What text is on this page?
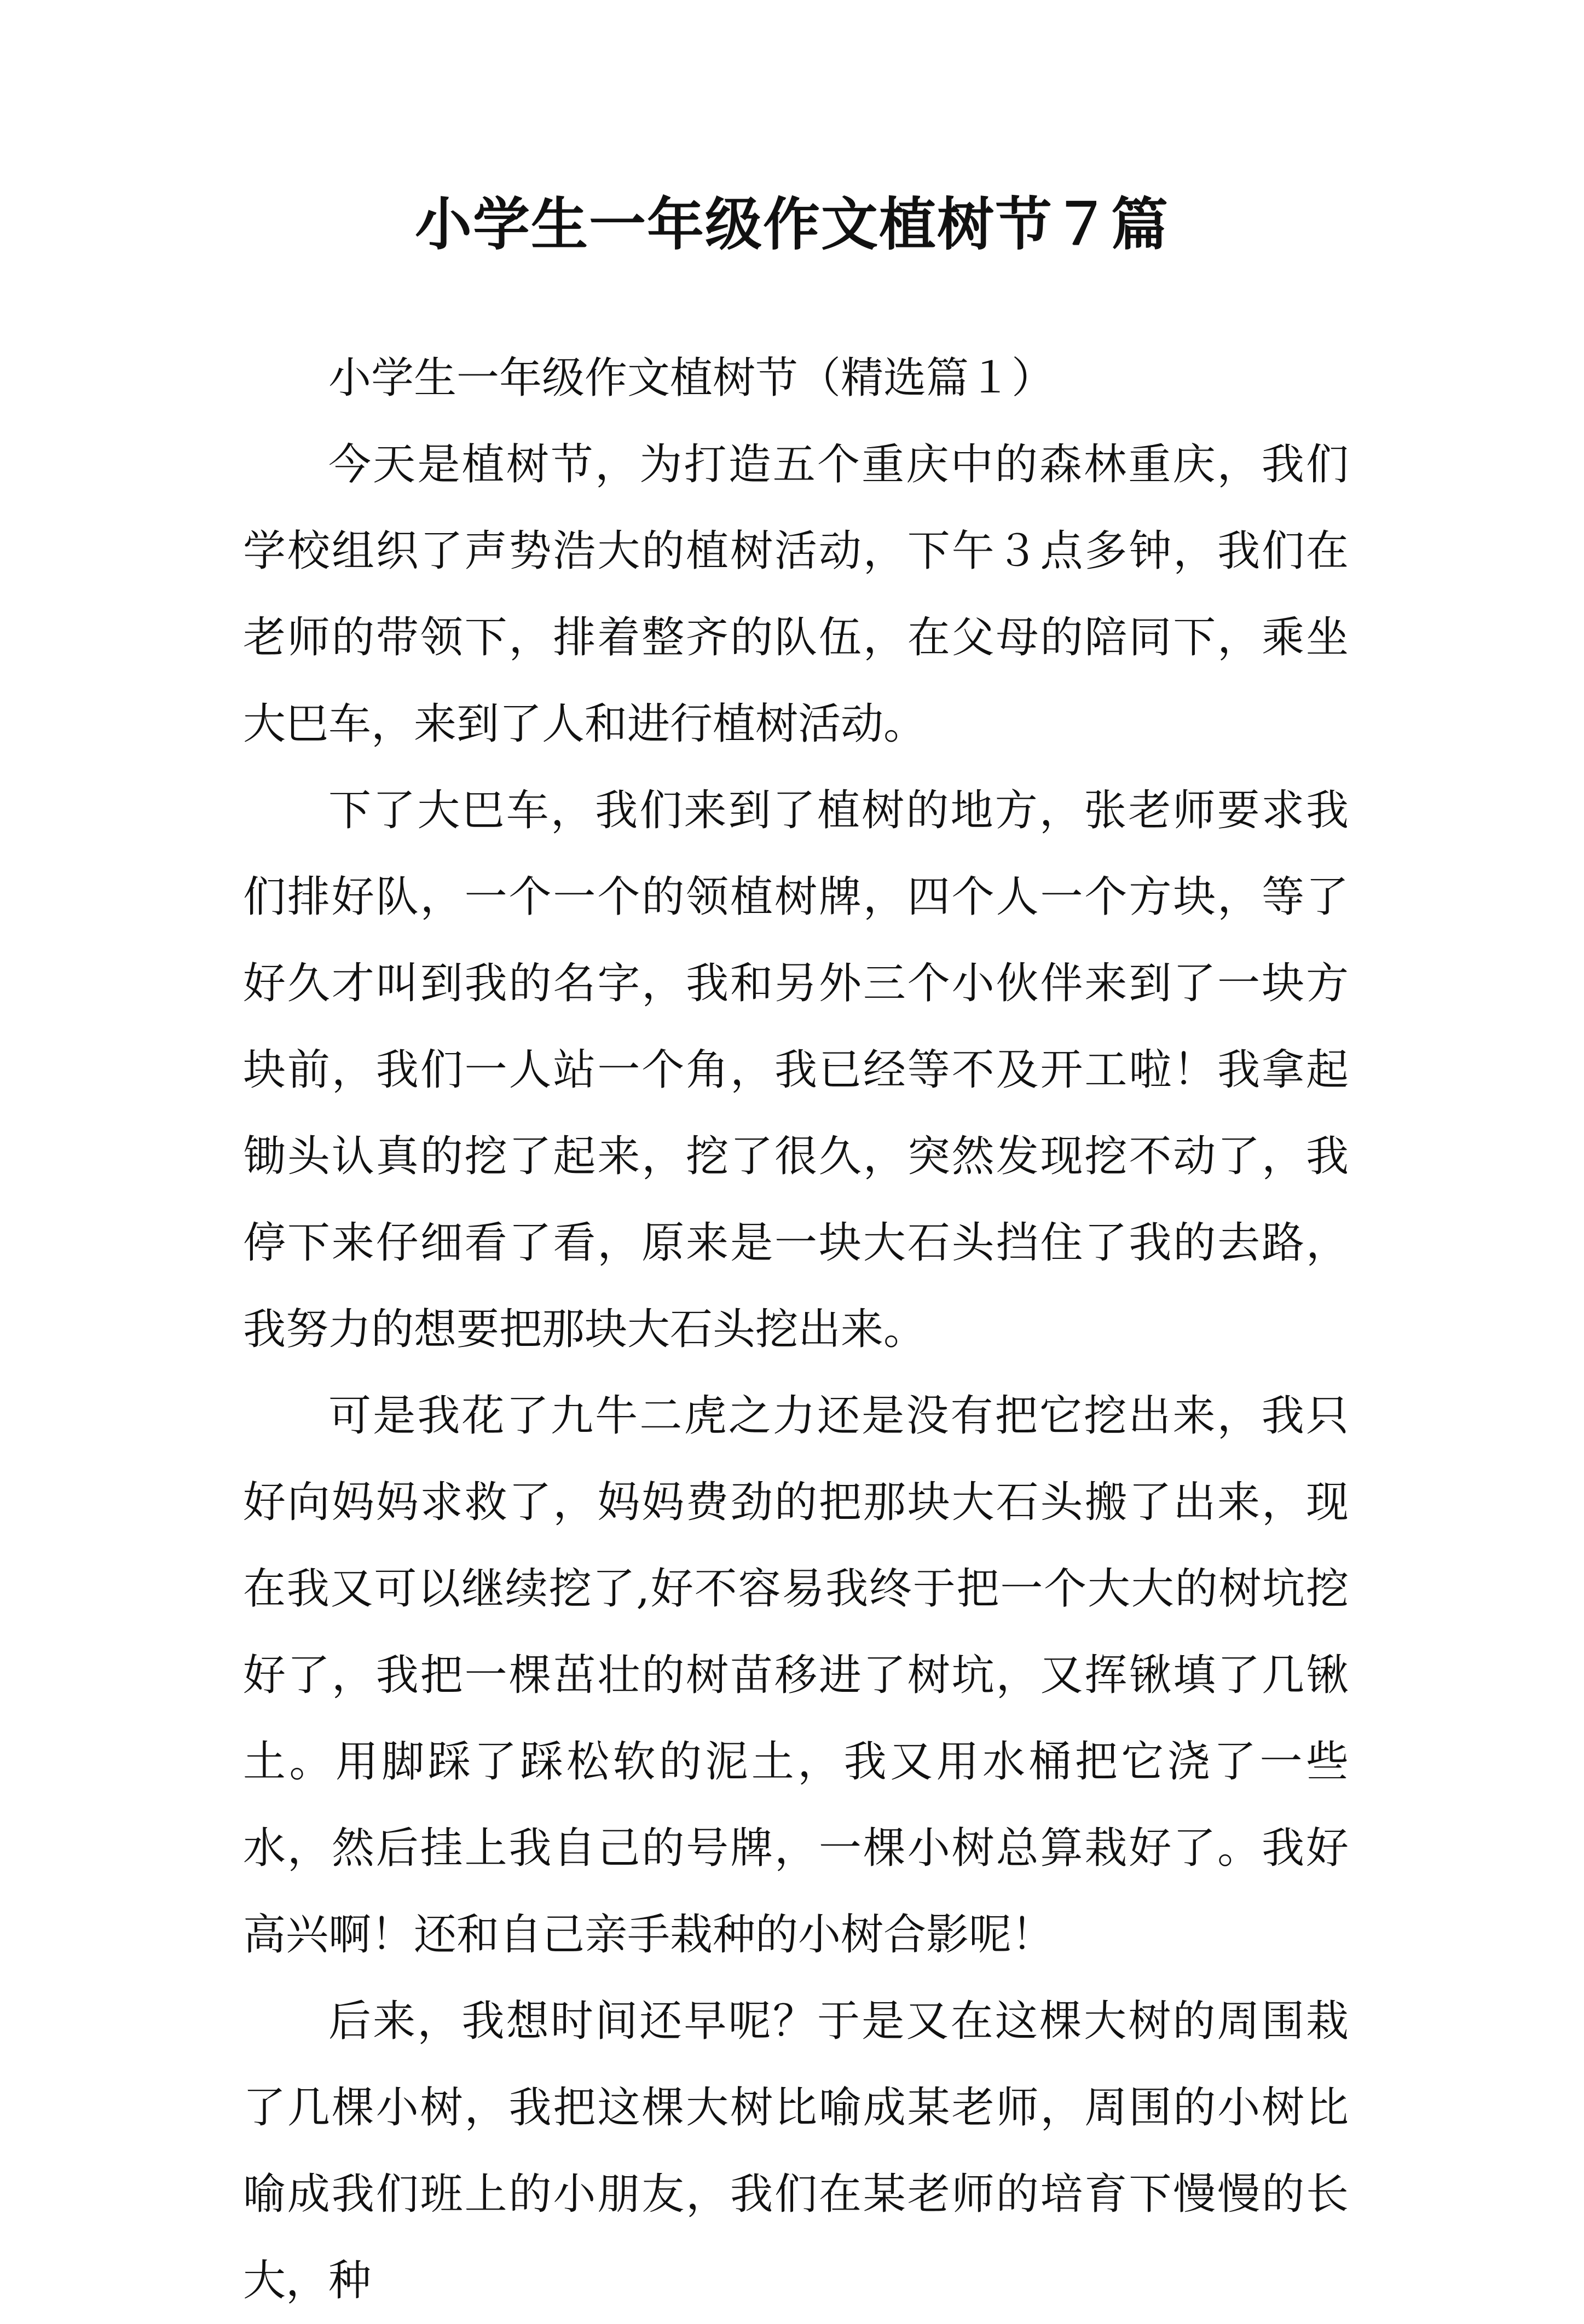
小学生一年级作文植树节７篇

小学生一年级作文植树节（精选篇１）

今天是植树节，为打造五个重庆中的森林重庆，我们学校组织了声势浩大的植树活动，下午３点多钟，我们在老师的带领下，排着整齐的队伍，在父母的陪同下，乘坐大巴车，来到了人和进行植树活动。

下了大巴车，我们来到了植树的地方，张老师要求我们排好队，一个一个的领植树牌，四个人一个方块，等了好久才叫到我的名字，我和另外三个小伙伴来到了一块方块前，我们一人站一个角，我已经等不及开工啦！我拿起锄头认真的挖了起来，挖了很久，突然发现挖不动了，我停下来仔细看了看，原来是一块大石头挡住了我的去路，我努力的想要把那块大石头挖出来。

可是我花了九牛二虎之力还是没有把它挖出来，我只好向妈妈求救了，妈妈费劲的把那块大石头搬了出来，现在我又可以继续挖了,好不容易我终于把一个大大的树坑挖好了，我把一棵茁壮的树苗移进了树坑，又挥锹填了几锹土。用脚踩了踩松软的泥土，我又用水桶把它浇了一些水，然后挂上我自己的号牌，一棵小树总算栽好了。我好高兴啊！还和自己亲手栽种的小树合影呢！

后来，我想时间还早呢？于是又在这棵大树的周围栽了几棵小树，我把这棵大树比喻成某老师，周围的小树比喻成我们班上的小朋友，我们在某老师的培育下慢慢的长大，种
